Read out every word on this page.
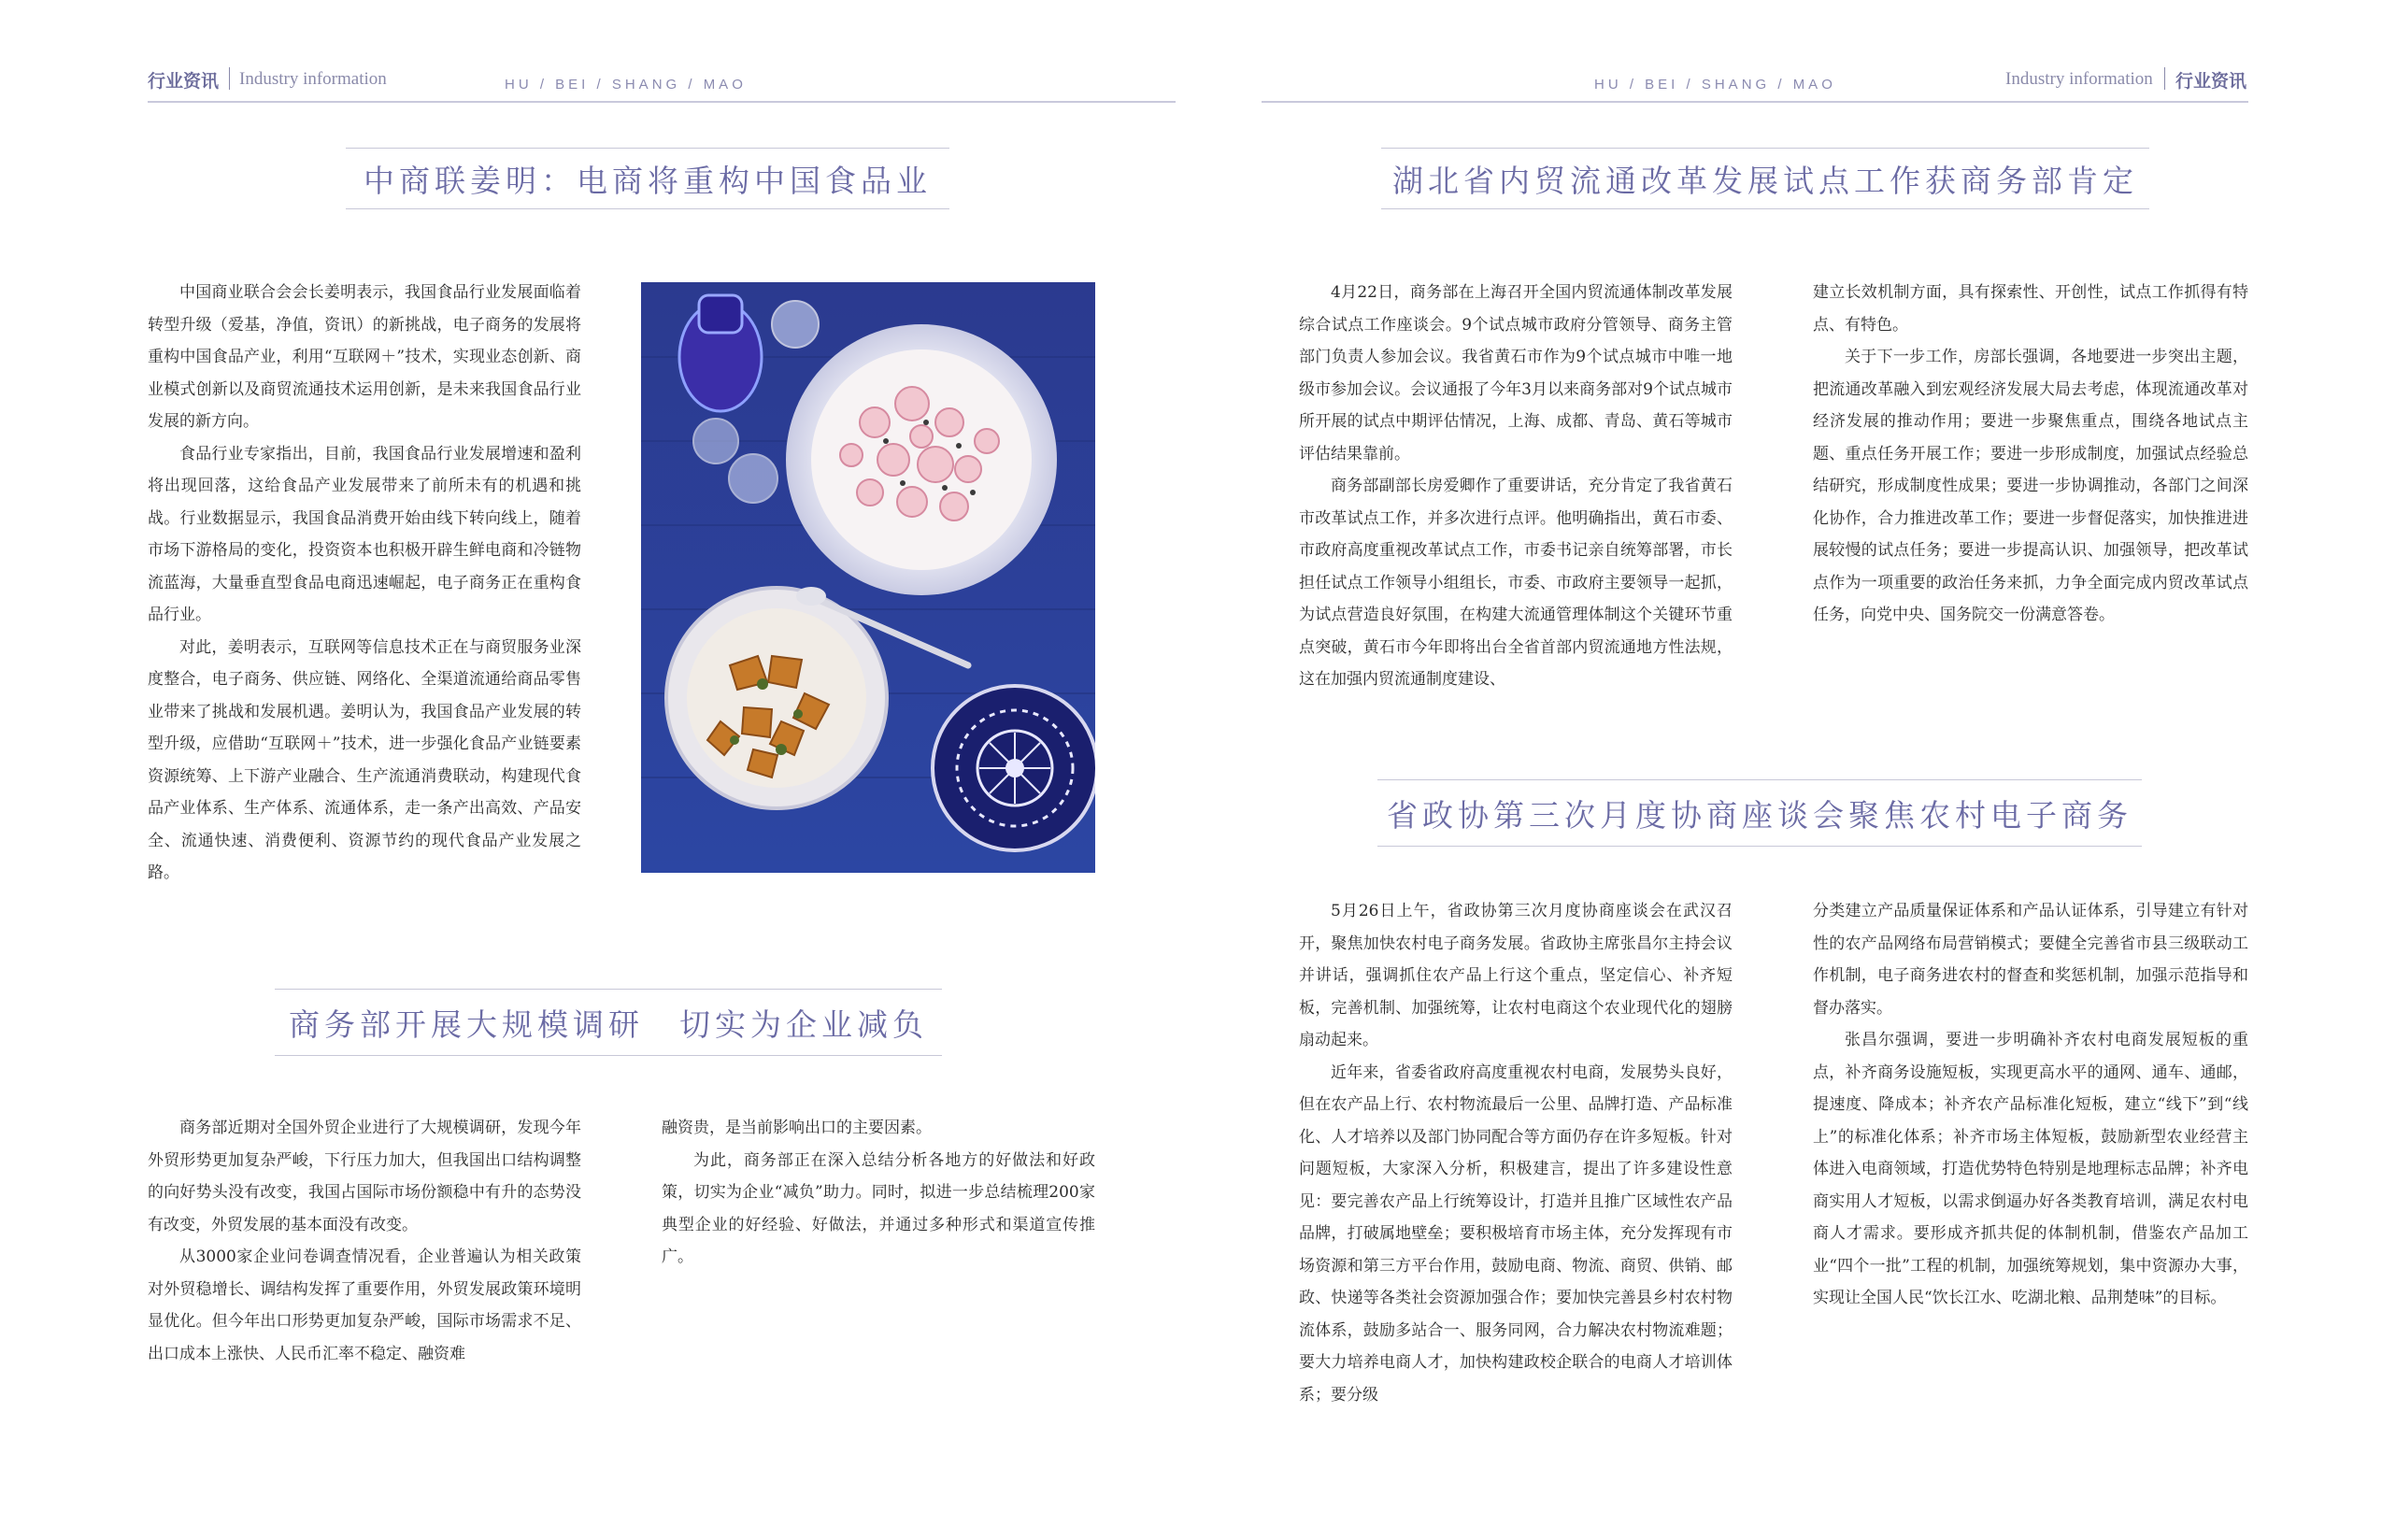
行业资讯 Industry information	HU / BEI / SHANG / MAO	HU / BEI / SHANG / MAO	Industry information 行业资讯
中商联姜明：电商将重构中国食品业

中国商业联合会会长姜明表示，我国食品行业发展面临着转型升级（爱基，净值，资讯）的新挑战，电子商务的发展将重构中国食品产业，利用“互联网＋”技术，实现业态创新、商业模式创新以及商贸流通技术运用创新，是未来我国食品行业发展的新方向。

食品行业专家指出，目前，我国食品行业发展增速和盈利将出现回落，这给食品产业发展带来了前所未有的机遇和挑战。行业数据显示，我国食品消费开始由线下转向线上，随着市场下游格局的变化，投资资本也积极开辟生鲜电商和冷链物流蓝海，大量垂直型食品电商迅速崛起，电子商务正在重构食品行业。

对此，姜明表示，互联网等信息技术正在与商贸服务业深度整合，电子商务、供应链、网络化、全渠道流通给商品零售业带来了挑战和发展机遇。姜明认为，我国食品产业发展的转型升级，应借助“互联网＋”技术，进一步强化食品产业链要素资源统筹、上下游产业融合、生产流通消费联动，构建现代食品产业体系、生产体系、流通体系，走一条产出高效、产品安全、流通快速、消费便利、资源节约的现代食品产业发展之路。

商务部开展大规模调研　切实为企业减负

商务部近期对全国外贸企业进行了大规模调研，发现今年外贸形势更加复杂严峻，下行压力加大，但我国出口结构调整的向好势头没有改变，我国占国际市场份额稳中有升的态势没有改变，外贸发展的基本面没有改变。

从3000家企业问卷调查情况看，企业普遍认为相关政策对外贸稳增长、调结构发挥了重要作用，外贸发展政策环境明显优化。但今年出口形势更加复杂严峻，国际市场需求不足、出口成本上涨快、人民币汇率不稳定、融资难

融资贵，是当前影响出口的主要因素。

为此，商务部正在深入总结分析各地方的好做法和好政策，切实为企业“减负”助力。同时，拟进一步总结梳理200家典型企业的好经验、好做法，并通过多种形式和渠道宣传推广。

湖北省内贸流通改革发展试点工作获商务部肯定

4月22日，商务部在上海召开全国内贸流通体制改革发展综合试点工作座谈会。9个试点城市政府分管领导、商务主管部门负责人参加会议。我省黄石市作为9个试点城市中唯一地级市参加会议。会议通报了今年3月以来商务部对9个试点城市所开展的试点中期评估情况，上海、成都、青岛、黄石等城市评估结果靠前。

商务部副部长房爱卿作了重要讲话，充分肯定了我省黄石市改革试点工作，并多次进行点评。他明确指出，黄石市委、市政府高度重视改革试点工作，市委书记亲自统筹部署，市长担任试点工作领导小组组长，市委、市政府主要领导一起抓，为试点营造良好氛围，在构建大流通管理体制这个关键环节重点突破，黄石市今年即将出台全省首部内贸流通地方性法规，这在加强内贸流通制度建设、

建立长效机制方面，具有探索性、开创性，试点工作抓得有特点、有特色。

关于下一步工作，房部长强调，各地要进一步突出主题，把流通改革融入到宏观经济发展大局去考虑，体现流通改革对经济发展的推动作用；要进一步聚焦重点，围绕各地试点主题、重点任务开展工作；要进一步形成制度，加强试点经验总结研究，形成制度性成果；要进一步协调推动，各部门之间深化协作，合力推进改革工作；要进一步督促落实，加快推进进展较慢的试点任务；要进一步提高认识、加强领导，把改革试点作为一项重要的政治任务来抓，力争全面完成内贸改革试点任务，向党中央、国务院交一份满意答卷。

省政协第三次月度协商座谈会聚焦农村电子商务

5月26日上午，省政协第三次月度协商座谈会在武汉召开，聚焦加快农村电子商务发展。省政协主席张昌尔主持会议并讲话，强调抓住农产品上行这个重点，坚定信心、补齐短板，完善机制、加强统筹，让农村电商这个农业现代化的翅膀扇动起来。

近年来，省委省政府高度重视农村电商，发展势头良好，但在农产品上行、农村物流最后一公里、品牌打造、产品标准化、人才培养以及部门协同配合等方面仍存在许多短板。针对问题短板，大家深入分析，积极建言，提出了许多建设性意见：要完善农产品上行统筹设计，打造并且推广区域性农产品品牌，打破属地壁垒；要积极培育市场主体，充分发挥现有市场资源和第三方平台作用，鼓励电商、物流、商贸、供销、邮政、快递等各类社会资源加强合作；要加快完善县乡村农村物流体系，鼓励多站合一、服务同网，合力解决农村物流难题；要大力培养电商人才，加快构建政校企联合的电商人才培训体系；要分级

分类建立产品质量保证体系和产品认证体系，引导建立有针对性的农产品网络布局营销模式；要健全完善省市县三级联动工作机制，电子商务进农村的督查和奖惩机制，加强示范指导和督办落实。

张昌尔强调，要进一步明确补齐农村电商发展短板的重点，补齐商务设施短板，实现更高水平的通网、通车、通邮，提速度、降成本；补齐农产品标准化短板，建立“线下”到“线上”的标准化体系；补齐市场主体短板，鼓励新型农业经营主体进入电商领域，打造优势特色特别是地理标志品牌；补齐电商实用人才短板，以需求倒逼办好各类教育培训，满足农村电商人才需求。要形成齐抓共促的体制机制，借鉴农产品加工业“四个一批”工程的机制，加强统筹规划，集中资源办大事，实现让全国人民“饮长江水、吃湖北粮、品荆楚味”的目标。
